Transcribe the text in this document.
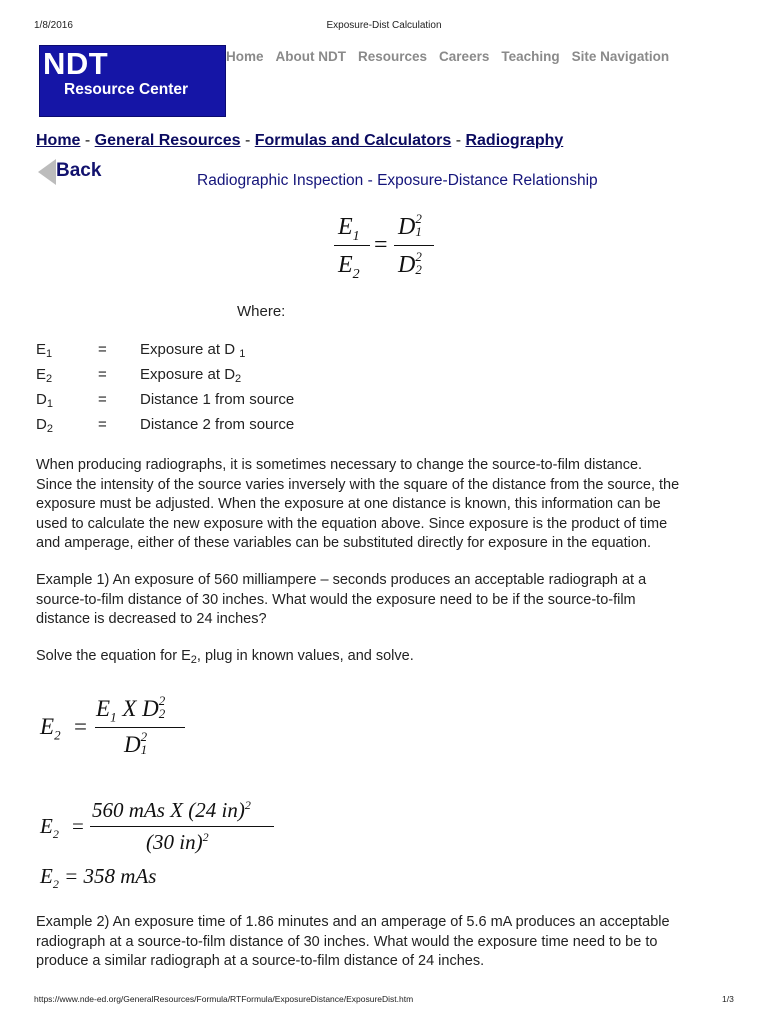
1/8/2016	Exposure-Dist Calculation
NDT
Resource Center
Home About NDT Resources Careers Teaching Site Navigation
Home - General Resources - Formulas and Calculators - Radiography
Back	Radiographic Inspection - Exposure-Distance Relationship
$E_1$
$E_2$
=
D 2
1
D 2
2
Where:
$E_1$	= Exposure at D $_1$
$E_2$	= Exposure at $D_2$
$D_1$	= Distance 1 from source
$D_2$	= Distance 2 from source
When producing radiographs, it is sometimes necessary to change the source-to-film distance.
Since the intensity of the source varies inversely with the square of the distance from the source, the
exposure must be adjusted. When the exposure at one distance is known, this information can be
used to calculate the new exposure with the equation above. Since exposure is the product of time
and amperage, either of these variables can be substituted directly for exposure in the equation.
Example 1) An exposure of 560 milliampere – seconds produces an acceptable radiograph at a
source-to-film distance of 30 inches. What would the exposure need to be if the source-to-film
distance is decreased to 24 inches?
Solve the equation for $E_2$, plug in known values, and solve.
$E_2$ =
$E_1$ X D 2
2
D 2
1
$E_2$ =
560 mAs X (24 in)$^2$
(30 in)$^2$
$E_2 = 358$ mAs
Example 2) An exposure time of 1.86 minutes and an amperage of 5.6 mA produces an acceptable
radiograph at a source-to-film distance of 30 inches. What would the exposure time need to be to
produce a similar radiograph at a source-to-film distance of 24 inches.
https://www.nde-ed.org/GeneralResources/Formula/RTFormula/ExposureDistance/ExposureDist.htm	1/3
